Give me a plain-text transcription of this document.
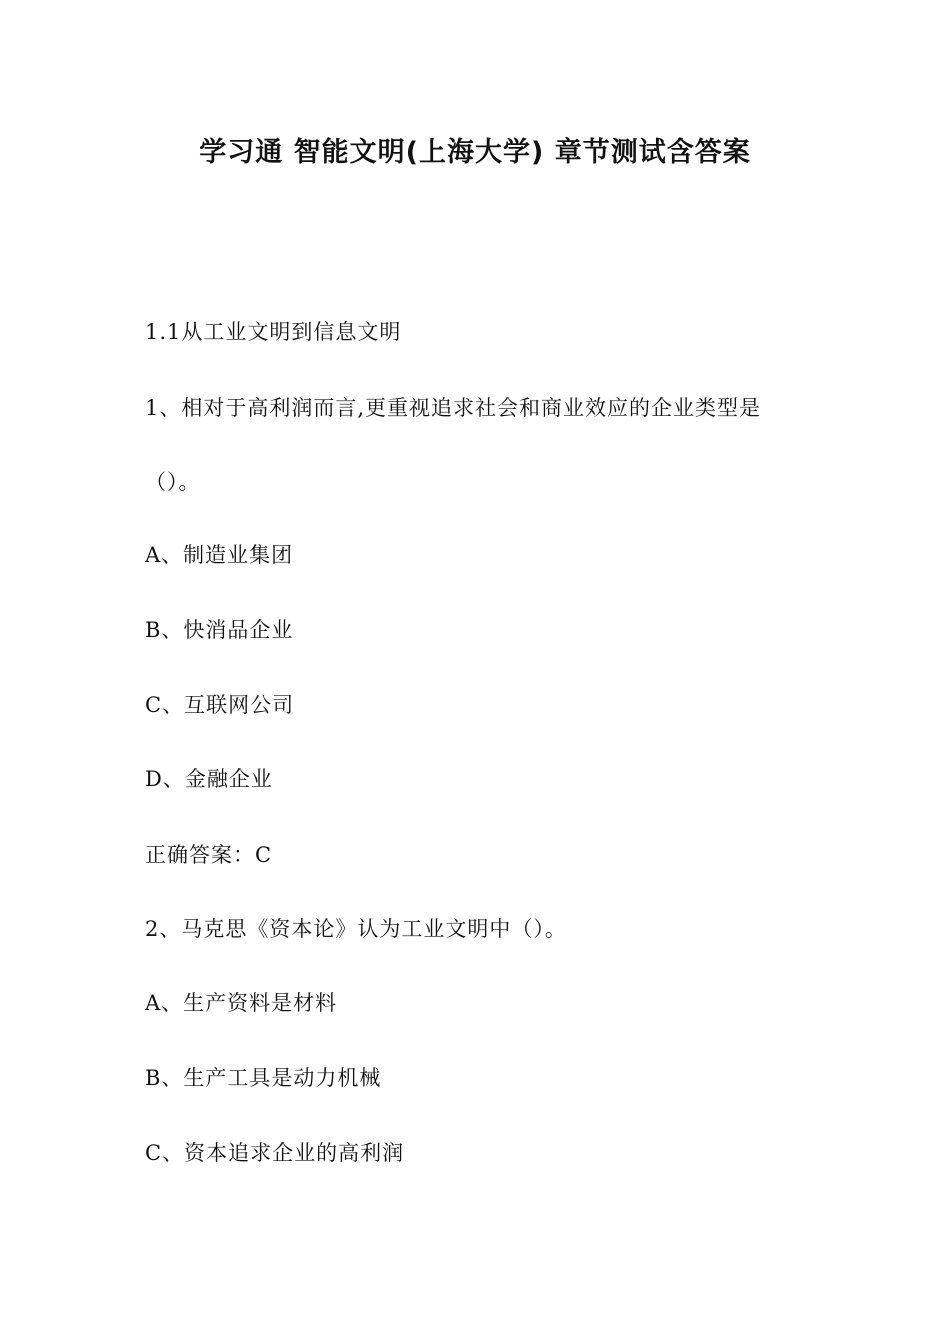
学习通 智能文明(上海大学) 章节测试含答案

1.1从工业文明到信息文明

1、相对于高利润而言,更重视追求社会和商业效应的企业类型是

（）。

A、制造业集团

B、快消品企业

C、互联网公司

D、金融企业

正确答案：C

2、马克思《资本论》认为工业文明中（）。

A、生产资料是材料

B、生产工具是动力机械

C、资本追求企业的高利润
